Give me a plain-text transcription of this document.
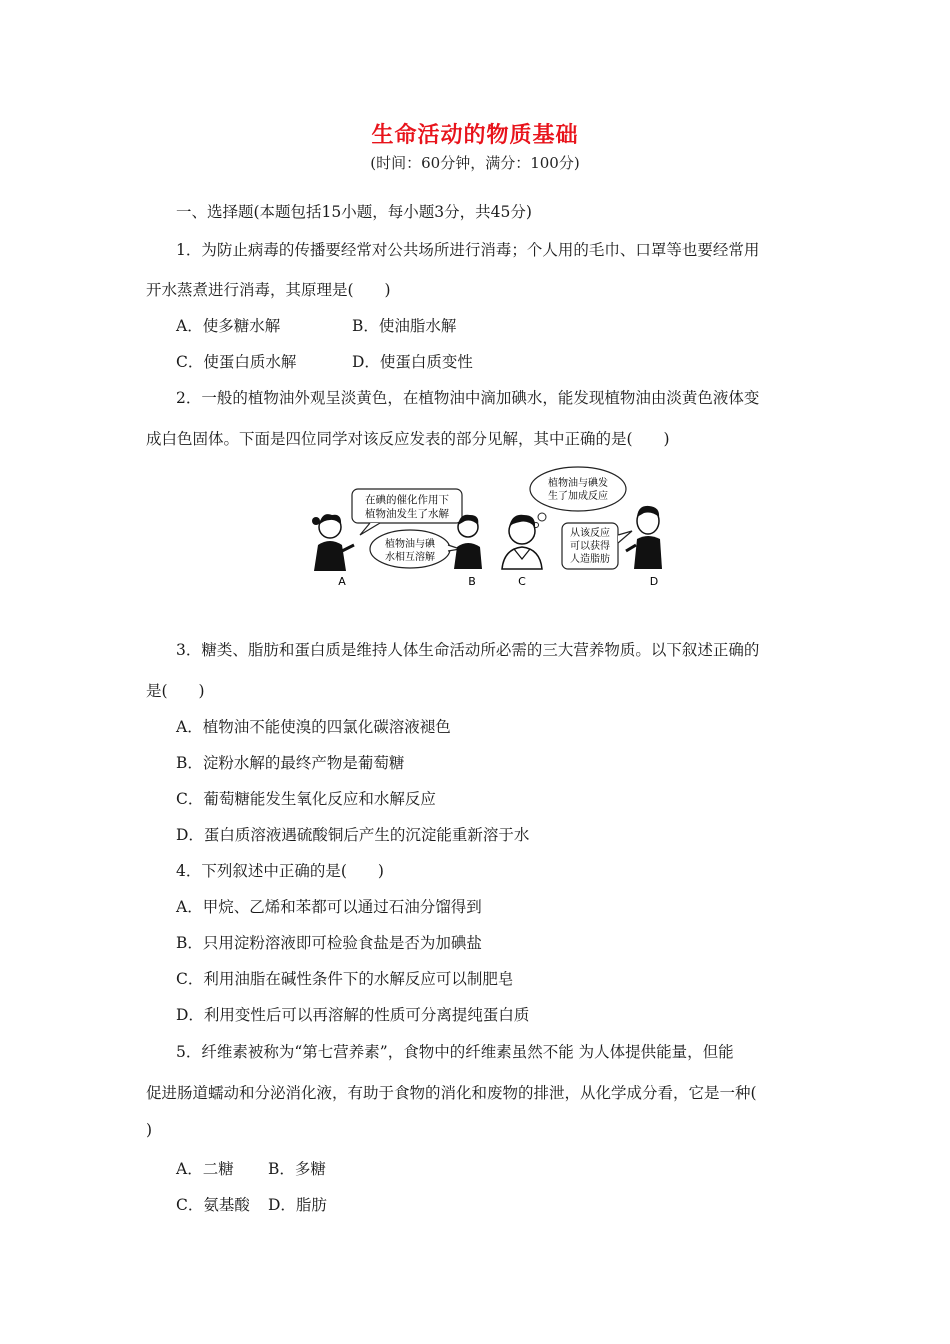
生命活动的物质基础
(时间：60分钟，满分：100分)
一、选择题(本题包括15小题，每小题3分，共45分)
1．为防止病毒的传播要经常对公共场所进行消毒；个人用的毛巾、口罩等也要经常用
开水蒸煮进行消毒，其原理是(　　)
A．使多糖水解	B．使油脂水解
C．使蛋白质水解	D．使蛋白质变性
2．一般的植物油外观呈淡黄色，在植物油中滴加碘水，能发现植物油由淡黄色液体变
成白色固体。下面是四位同学对该反应发表的部分见解，其中正确的是(　　)
在碘的催化作用下
植物油发生了水解
植物油与碘
水相互溶解
植物油与碘发
生了加成反应
从该反应
可以获得
人造脂肪
A	B	C	D
3．糖类、脂肪和蛋白质是维持人体生命活动所必需的三大营养物质。以下叙述正确的
是(　　)
A．植物油不能使溴的四氯化碳溶液褪色
B．淀粉水解的最终产物是葡萄糖
C．葡萄糖能发生氧化反应和水解反应
D．蛋白质溶液遇硫酸铜后产生的沉淀能重新溶于水
4．下列叙述中正确的是(　　)
A．甲烷、乙烯和苯都可以通过石油分馏得到
B．只用淀粉溶液即可检验食盐是否为加碘盐
C．利用油脂在碱性条件下的水解反应可以制肥皂
D．利用变性后可以再溶解的性质可分离提纯蛋白质
5．纤维素被称为“第七营养素”，食物中的纤维素虽然不能 为人体提供能量，但能
促进肠道蠕动和分泌消化液，有助于食物的消化和废物的排泄，从化学成分看，它是一种(
)
A．二糖 B．多糖
C．氨基酸 D．脂肪
